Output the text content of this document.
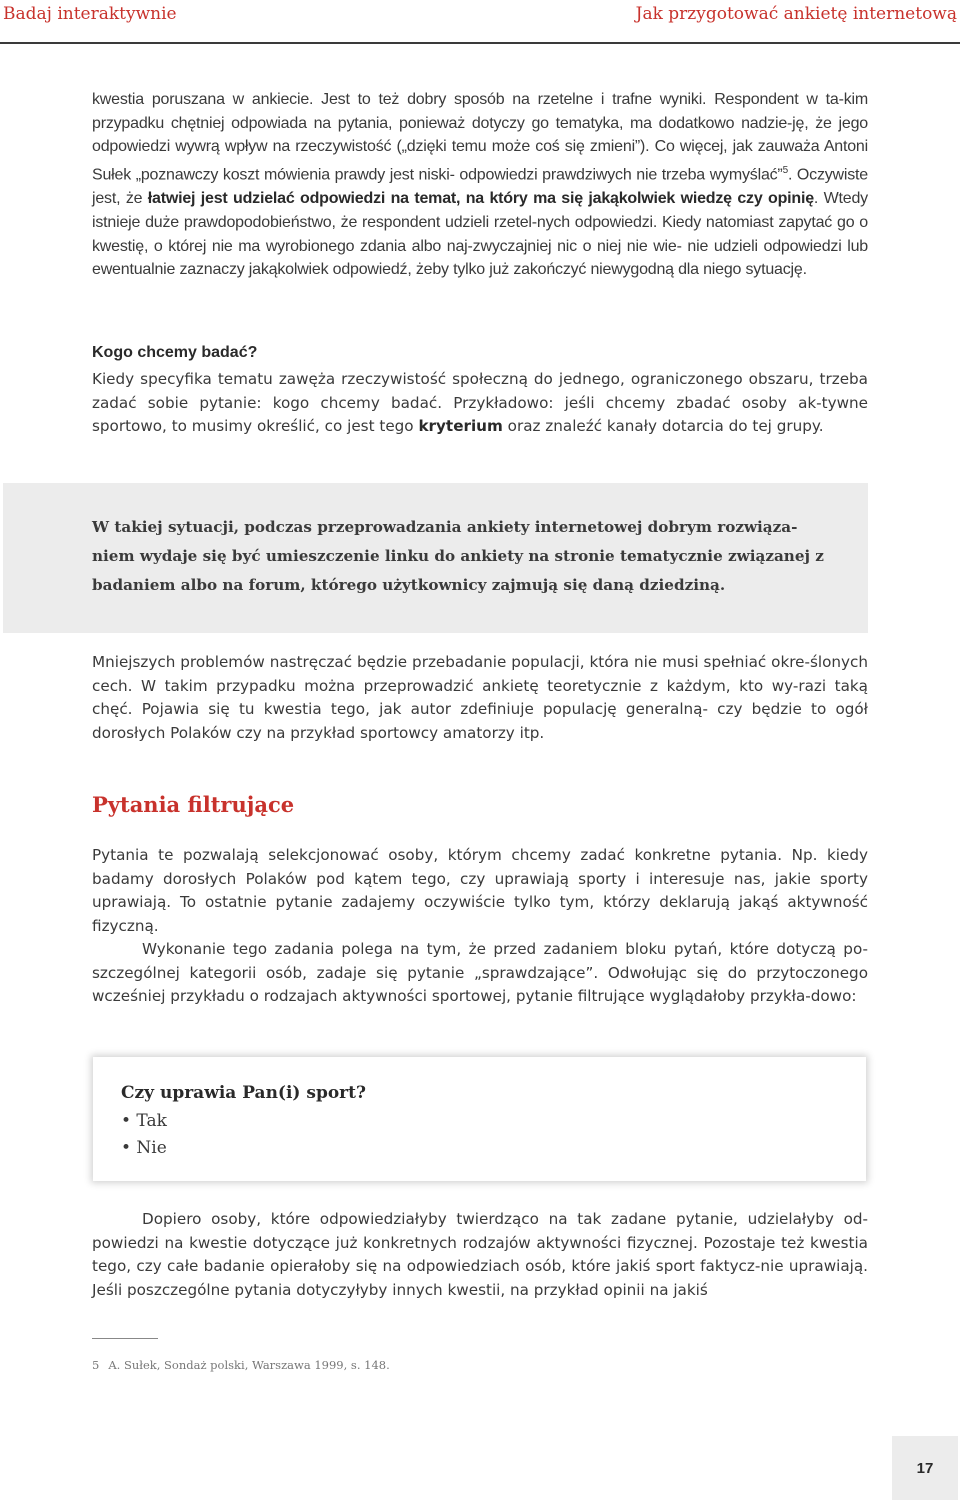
Badaj interaktywnie	Jak przygotować ankietę internetową

kwestia poruszana w ankiecie. Jest to też dobry sposób na rzetelne i trafne wyniki. Respondent w ta-kim przypadku chętniej odpowiada na pytania, ponieważ dotyczy go tematyka, ma dodatkowo nadzie-ję, że jego odpowiedzi wywrą wpływ na rzeczywistość („dzięki temu może coś się zmieni”). Co więcej, jak zauważa Antoni Sułek „poznawczy koszt mówienia prawdy jest niski- odpowiedzi prawdziwych nie trzeba wymyślać”$^5$. Oczywiste jest, że łatwiej jest udzielać odpowiedzi na temat, na który ma się jakąkolwiek wiedzę czy opinię. Wtedy istnieje duże prawdopodobieństwo, że respondent udzieli rzetel-nych odpowiedzi. Kiedy natomiast zapytać go o kwestię, o której nie ma wyrobionego zdania albo naj-zwyczajniej nic o niej nie wie- nie udzieli odpowiedzi lub ewentualnie zaznaczy jakąkolwiek odpowiedź, żeby tylko już zakończyć niewygodną dla niego sytuację.

Kogo chcemy badać?

Kiedy specyfika tematu zawęża rzeczywistość społeczną do jednego, ograniczonego obszaru, trzeba zadać sobie pytanie: kogo chcemy badać. Przykładowo: jeśli chcemy zbadać osoby ak-tywne sportowo, to musimy określić, co jest tego kryterium oraz znaleźć kanały dotarcia do tej grupy.

W takiej sytuacji, podczas przeprowadzania ankiety internetowej dobrym rozwiąza-niem wydaje się być umieszczenie linku do ankiety na stronie tematycznie związanej z badaniem albo na forum, którego użytkownicy zajmują się daną dziedziną.

Mniejszych problemów nastręczać będzie przebadanie populacji, która nie musi spełniać okre-ślonych cech. W takim przypadku można przeprowadzić ankietę teoretycznie z każdym, kto wy-razi taką chęć. Pojawia się tu kwestia tego, jak autor zdefiniuje populację generalną- czy będzie to ogół dorosłych Polaków czy na przykład sportowcy amatorzy itp.

Pytania filtrujące

Pytania te pozwalają selekcjonować osoby, którym chcemy zadać konkretne pytania. Np. kiedy badamy dorosłych Polaków pod kątem tego, czy uprawiają sporty i interesuje nas, jakie sporty uprawiają. To ostatnie pytanie zadajemy oczywiście tylko tym, którzy deklarują jakąś aktywność fizyczną.

Wykonanie tego zadania polega na tym, że przed zadaniem bloku pytań, które dotyczą po-szczególnej kategorii osób, zadaje się pytanie „sprawdzające”. Odwołując się do przytoczonego wcześniej przykładu o rodzajach aktywności sportowej, pytanie filtrujące wyglądałoby przykła-dowo:

Czy uprawia Pan(i) sport?

• Tak

• Nie

Dopiero osoby, które odpowiedziałyby twierdząco na tak zadane pytanie, udzielałyby od-powiedzi na kwestie dotyczące już konkretnych rodzajów aktywności fizycznej. Pozostaje też kwestia tego, czy całe badanie opierałoby się na odpowiedziach osób, które jakiś sport faktycz-nie uprawiają. Jeśli poszczególne pytania dotyczyłyby innych kwestii, na przykład opinii na jakiś

5 A. Sułek, Sondaż polski, Warszawa 1999, s. 148.

17
